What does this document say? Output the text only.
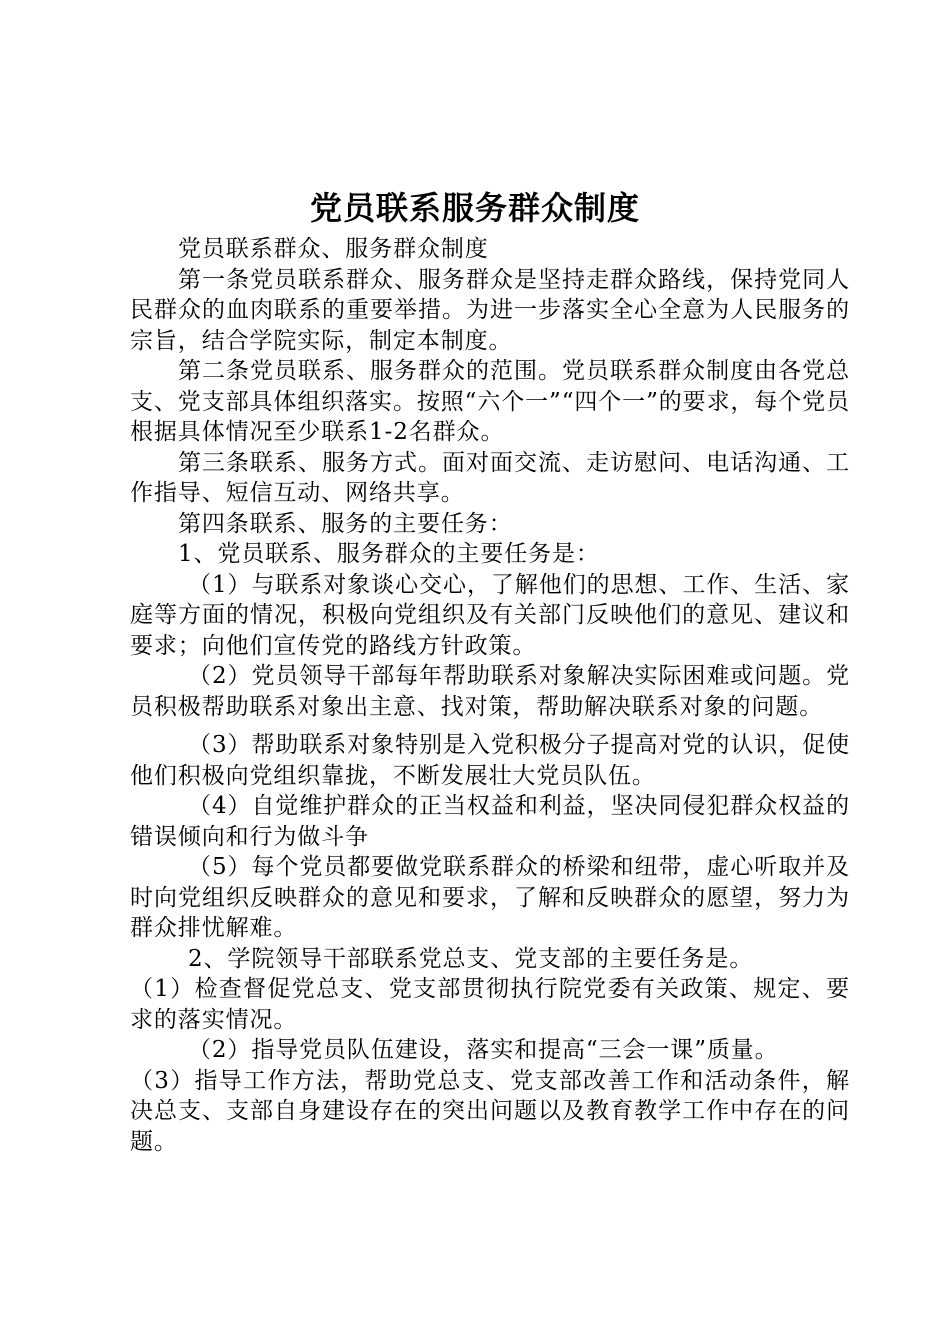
党员联系服务群众制度

党员联系群众、服务群众制度

第一条党员联系群众、服务群众是坚持走群众路线，保持党同人民群众的血肉联系的重要举措。为进一步落实全心全意为人民服务的宗旨，结合学院实际，制定本制度。

第二条党员联系、服务群众的范围。党员联系群众制度由各党总支、党支部具体组织落实。按照“六个一”“四个一”的要求，每个党员根据具体情况至少联系1-2名群众。

第三条联系、服务方式。面对面交流、走访慰问、电话沟通、工作指导、短信互动、网络共享。

第四条联系、服务的主要任务：

1、党员联系、服务群众的主要任务是：

（1）与联系对象谈心交心，了解他们的思想、工作、生活、家庭等方面的情况，积极向党组织及有关部门反映他们的意见、建议和要求；向他们宣传党的路线方针政策。

（2）党员领导干部每年帮助联系对象解决实际困难或问题。党员积极帮助联系对象出主意、找对策，帮助解决联系对象的问题。

（3）帮助联系对象特别是入党积极分子提高对党的认识，促使他们积极向党组织靠拢，不断发展壮大党员队伍。

（4）自觉维护群众的正当权益和利益，坚决同侵犯群众权益的错误倾向和行为做斗争

（5）每个党员都要做党联系群众的桥梁和纽带，虚心听取并及时向党组织反映群众的意见和要求，了解和反映群众的愿望，努力为群众排忧解难。

2、学院领导干部联系党总支、党支部的主要任务是。

（1）检查督促党总支、党支部贯彻执行院党委有关政策、规定、要求的落实情况。

（2）指导党员队伍建设，落实和提高“三会一课”质量。

（3）指导工作方法，帮助党总支、党支部改善工作和活动条件，解决总支、支部自身建设存在的突出问题以及教育教学工作中存在的问题。
